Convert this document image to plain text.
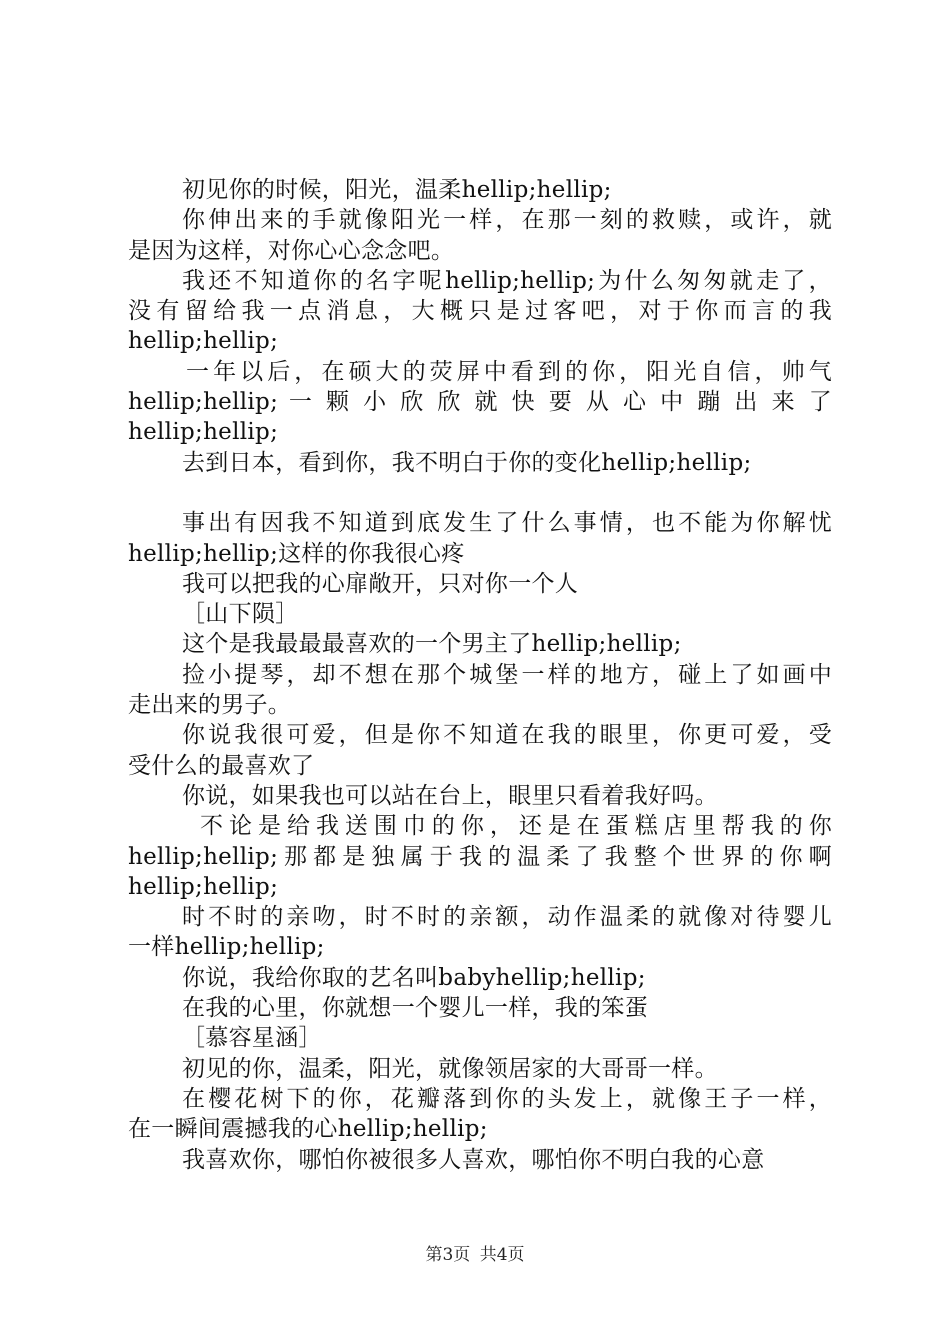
初见你的时候，阳光，温柔hellip;hellip;
你伸出来的手就像阳光一样，在那一刻的救赎，或许，就
是因为这样，对你心心念念吧。
我还不知道你的名字呢hellip;hellip;为什么匆匆就走了，
没有留给我一点消息，大概只是过客吧，对于你而言的我
hellip;hellip;
一年以后，在硕大的荧屏中看到的你，阳光自信，帅气
hellip;hellip; 一 颗 小 欣 欣 就 快 要 从 心 中 蹦 出 来 了
hellip;hellip;
去到日本，看到你，我不明白于你的变化hellip;hellip;
事出有因我不知道到底发生了什么事情，也不能为你解忧
hellip;hellip;这样的你我很心疼
我可以把我的心扉敞开，只对你一个人
［山下陨］
这个是我最最最喜欢的一个男主了hellip;hellip;
捡小提琴，却不想在那个城堡一样的地方，碰上了如画中
走出来的男子。
你说我很可爱，但是你不知道在我的眼里，你更可爱，受
受什么的最喜欢了
你说，如果我也可以站在台上，眼里只看着我好吗。
不论是给我送围巾的你，还是在蛋糕店里帮我的你
hellip;hellip;那都是独属于我的温柔了我整个世界的你啊
hellip;hellip;
时不时的亲吻，时不时的亲额，动作温柔的就像对待婴儿
一样hellip;hellip;
你说，我给你取的艺名叫babyhellip;hellip;
在我的心里，你就想一个婴儿一样，我的笨蛋
［慕容星涵］
初见的你，温柔，阳光，就像领居家的大哥哥一样。
在樱花树下的你，花瓣落到你的头发上，就像王子一样，
在一瞬间震撼我的心hellip;hellip;
我喜欢你，哪怕你被很多人喜欢，哪怕你不明白我的心意
第3页 共4页
